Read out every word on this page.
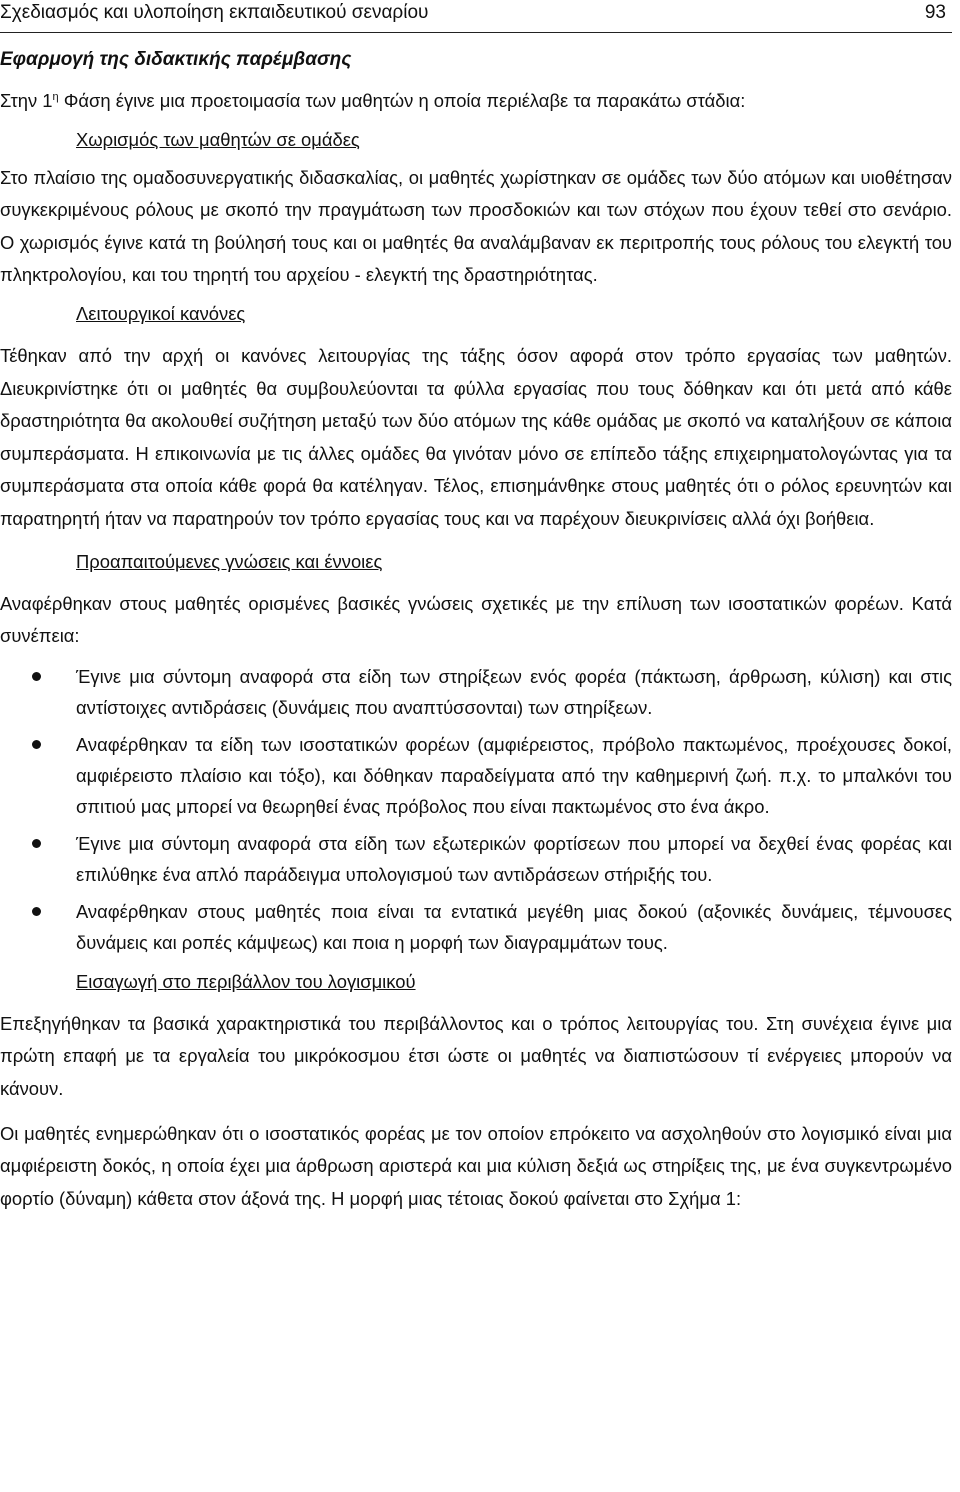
Σχεδιασμός και υλοποίηση εκπαιδευτικού σεναρίου	93
Εφαρμογή της διδακτικής παρέμβασης

Στην $1^\eta$ Φάση έγινε μια προετοιμασία των μαθητών η οποία περιέλαβε τα παρακάτω στάδια:

Χωρισμός των μαθητών σε ομάδες

Στο πλαίσιο της ομαδοσυνεργατικής διδασκαλίας, οι μαθητές χωρίστηκαν σε ομάδες των δύο ατόμων και υιοθέτησαν συγκεκριμένους ρόλους με σκοπό την πραγμάτωση των προσδοκιών και των στόχων που έχουν τεθεί στο σενάριο. Ο χωρισμός έγινε κατά τη βούλησή τους και οι μαθητές θα αναλάμβαναν εκ περιτροπής τους ρόλους του ελεγκτή του πληκτρολογίου, και του τηρητή του αρχείου - ελεγκτή της δραστηριότητας.

Λειτουργικοί κανόνες

Τέθηκαν από την αρχή οι κανόνες λειτουργίας της τάξης όσον αφορά στον τρόπο εργασίας των μαθητών. Διευκρινίστηκε ότι οι μαθητές θα συμβουλεύονται τα φύλλα εργασίας που τους δόθηκαν και ότι μετά από κάθε δραστηριότητα θα ακολουθεί συζήτηση μεταξύ των δύο ατόμων της κάθε ομάδας με σκοπό να καταλήξουν σε κάποια συμπεράσματα. Η επικοινωνία με τις άλλες ομάδες θα γινόταν μόνο σε επίπεδο τάξης επιχειρηματολογώντας για τα συμπεράσματα στα οποία κάθε φορά θα κατέληγαν. Τέλος, επισημάνθηκε στους μαθητές ότι ο ρόλος ερευνητών και παρατηρητή ήταν να παρατηρούν τον τρόπο εργασίας τους και να παρέχουν διευκρινίσεις αλλά όχι βοήθεια.

Προαπαιτούμενες γνώσεις και έννοιες

Αναφέρθηκαν στους μαθητές ορισμένες βασικές γνώσεις σχετικές με την επίλυση των ισοστατικών φορέων. Κατά συνέπεια:

Έγινε μια σύντομη αναφορά στα είδη των στηρίξεων ενός φορέα (πάκτωση, άρθρωση, κύλιση) και στις αντίστοιχες αντιδράσεις (δυνάμεις που αναπτύσσονται) των στηρίξεων.
Αναφέρθηκαν τα είδη των ισοστατικών φορέων (αμφιέρειστος, πρόβολο πακτωμένος, προέχουσες δοκοί, αμφιέρειστο πλαίσιο και τόξο), και δόθηκαν παραδείγματα από την καθημερινή ζωή. π.χ. το μπαλκόνι του σπιτιού μας μπορεί να θεωρηθεί ένας πρόβολος που είναι πακτωμένος στο ένα άκρο.
Έγινε μια σύντομη αναφορά στα είδη των εξωτερικών φορτίσεων που μπορεί να δεχθεί ένας φορέας και επιλύθηκε ένα απλό παράδειγμα υπολογισμού των αντιδράσεων στήριξής του.
Αναφέρθηκαν στους μαθητές ποια είναι τα εντατικά μεγέθη μιας δοκού (αξονικές δυνάμεις, τέμνουσες δυνάμεις και ροπές κάμψεως) και ποια η μορφή των διαγραμμάτων τους.
Εισαγωγή στο περιβάλλον του λογισμικού

Επεξηγήθηκαν τα βασικά χαρακτηριστικά του περιβάλλοντος και ο τρόπος λειτουργίας του. Στη συνέχεια έγινε μια πρώτη επαφή με τα εργαλεία του μικρόκοσμου έτσι ώστε οι μαθητές να διαπιστώσουν τί ενέργειες μπορούν να κάνουν.

Οι μαθητές ενημερώθηκαν ότι ο ισοστατικός φορέας με τον οποίον επρόκειτο να ασχοληθούν στο λογισμικό είναι μια αμφιέρειστη δοκός, η οποία έχει μια άρθρωση αριστερά και μια κύλιση δεξιά ως στηρίξεις της, με ένα συγκεντρωμένο φορτίο (δύναμη) κάθετα στον άξονά της. Η μορφή μιας τέτοιας δοκού φαίνεται στο Σχήμα 1:
